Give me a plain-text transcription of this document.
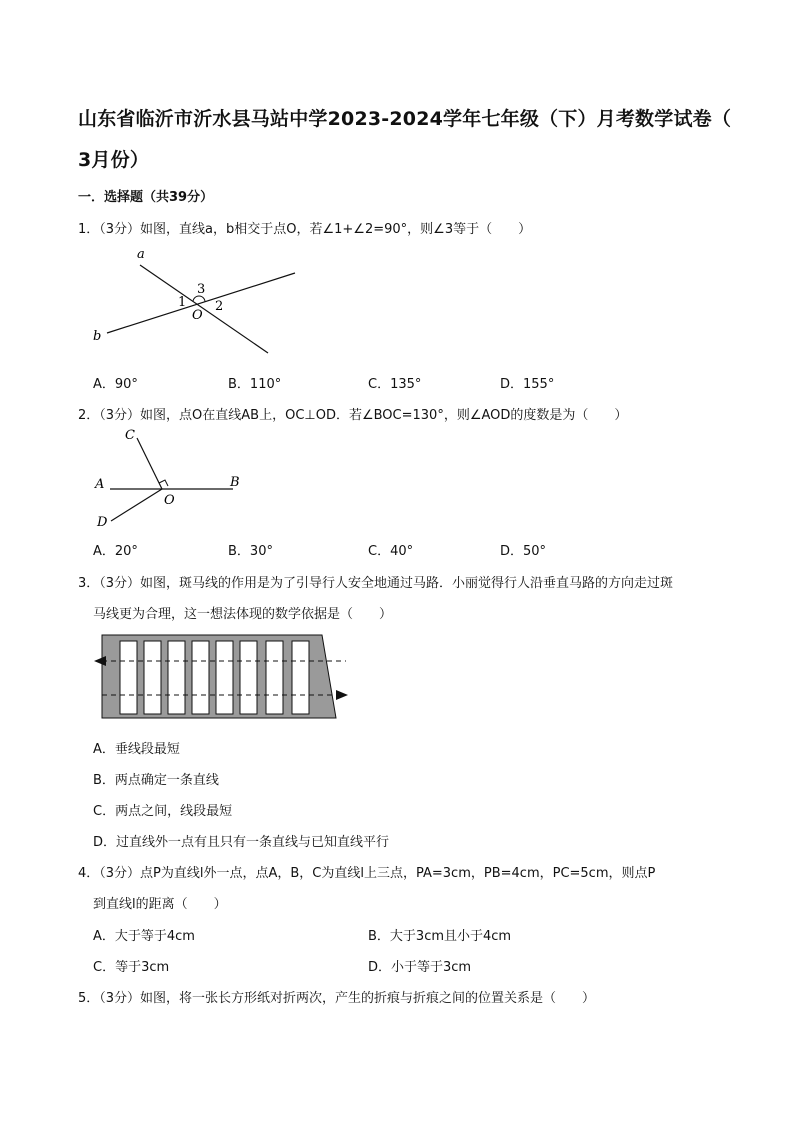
山东省临沂市沂水县马站中学2023-2024学年七年级（下）月考数学试卷（
3月份）
一．选择题（共39分）
1．（3分）如图，直线a，b相交于点O，若∠1+∠2=90°，则∠3等于（　　）
a
b
O
1 2
3
A．90°	B．110°	C．135°	D．155°
2．（3分）如图，点O在直线AB上，OC⊥OD．若∠BOC=130°，则∠AOD的度数是为（　　）
A	B
C
D
O
A．20°	B．30°	C．40°	D．50°
3．（3分）如图，斑马线的作用是为了引导行人安全地通过马路．小丽觉得行人沿垂直马路的方向走过斑
马线更为合理，这一想法体现的数学依据是（　　）
A．垂线段最短
B．两点确定一条直线
C．两点之间，线段最短
D．过直线外一点有且只有一条直线与已知直线平行
4．（3分）点P为直线l外一点，点A，B，C为直线l上三点，PA=3cm，PB=4cm，PC=5cm，则点P
到直线l的距离（　　）
A．大于等于4cm	B．大于3cm且小于4cm
C．等于3cm	D．小于等于3cm
5．（3分）如图，将一张长方形纸对折两次，产生的折痕与折痕之间的位置关系是（　　）
